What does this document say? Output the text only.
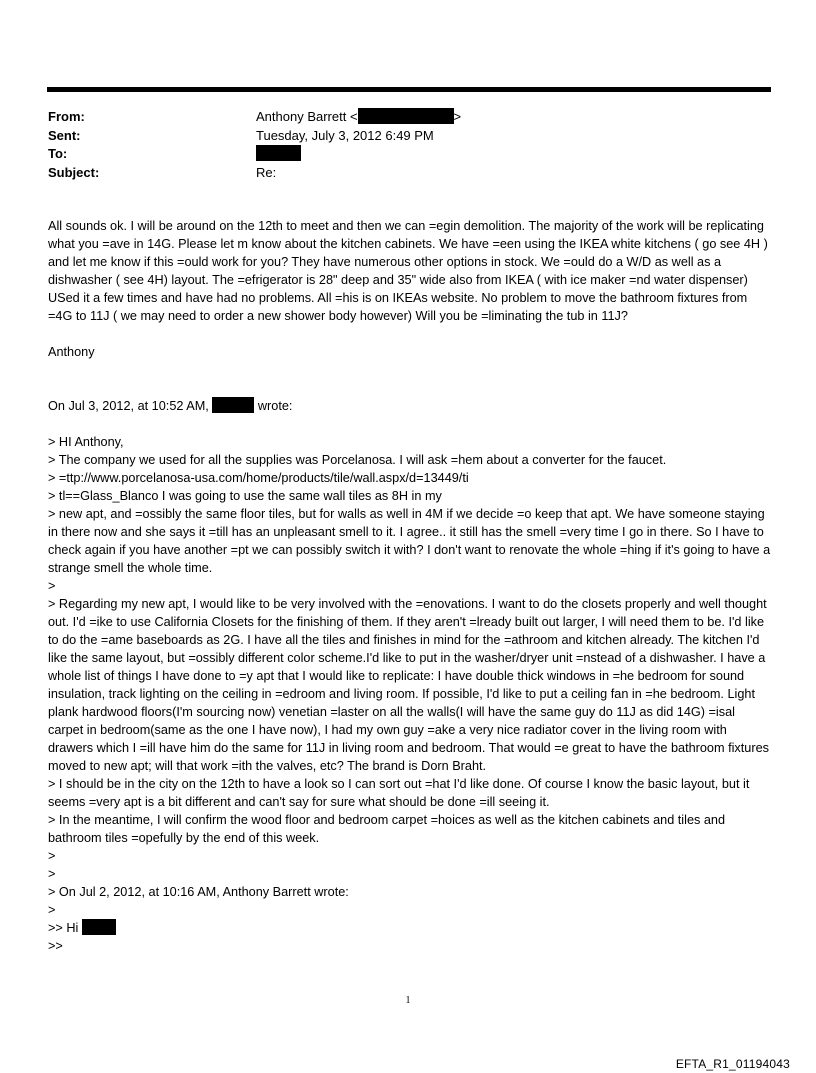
From:	Anthony Barrett <	>
Sent:	Tuesday, July 3, 2012 6:49 PM
To:
Subject:	Re:

All sounds ok. I will be around on the 12th to meet and then we can =egin demolition. The majority of the work will be replicating what you =ave in 14G. Please let m know about the kitchen cabinets. We have =een using the IKEA white kitchens ( go see 4H ) and let me know if this =ould work for you? They have numerous other options in stock. We =ould do a W/D as well as a dishwasher ( see 4H) layout. The =efrigerator is 28" deep and 35" wide also from IKEA ( with ice maker =nd water dispenser) USed it a few times and have had no problems. All =his is on IKEAs website. No problem to move the bathroom fixtures from =4G to 11J ( we may need to order a new shower body however) Will you be =liminating the tub in 11J?

Anthony

On Jul 3, 2012, at 10:52 AM,	wrote:

> HI Anthony,

> The company we used for all the supplies was Porcelanosa. I will ask =hem about a converter for the faucet.

> =ttp://www.porcelanosa-usa.com/home/products/tile/wall.aspx/d=13449/ti

> tl==Glass_Blanco I was going to use the same wall tiles as 8H in my

> new apt, and =ossibly the same floor tiles, but for walls as well in 4M if we decide =o keep that apt. We have someone staying in there now and she says it =till has an unpleasant smell to it. I agree.. it still has the smell =very time I go in there. So I have to check again if you have another =pt we can possibly switch it with? I don't want to renovate the whole =hing if it's going to have a strange smell the whole time.

>

> Regarding my new apt, I would like to be very involved with the =enovations. I want to do the closets properly and well thought out. I'd =ike to use California Closets for the finishing of them. If they aren't =lready built out larger, I will need them to be. I'd like to do the =ame baseboards as 2G. I have all the tiles and finishes in mind for the =athroom and kitchen already. The kitchen I'd like the same layout, but =ossibly different color scheme.I'd like to put in the washer/dryer unit =nstead of a dishwasher. I have a whole list of things I have done to =y apt that I would like to replicate: I have double thick windows in =he bedroom for sound insulation, track lighting on the ceiling in =edroom and living room. If possible, I'd like to put a ceiling fan in =he bedroom. Light plank hardwood floors(I'm sourcing now) venetian =laster on all the walls(I will have the same guy do 11J as did 14G) =isal carpet in bedroom(same as the one I have now), I had my own guy =ake a very nice radiator cover in the living room with drawers which I =ill have him do the same for 11J in living room and bedroom. That would =e great to have the bathroom fixtures moved to new apt; will that work =ith the valves, etc? The brand is Dorn Braht.

> I should be in the city on the 12th to have a look so I can sort out =hat I'd like done. Of course I know the basic layout, but it seems =very apt is a bit different and can't say for sure what should be done =ill seeing it.

> In the meantime, I will confirm the wood floor and bedroom carpet =hoices as well as the kitchen cabinets and tiles and bathroom tiles =opefully by the end of this week.

>

>

> On Jul 2, 2012, at 10:16 AM, Anthony Barrett wrote:

>

>> Hi

>>

1
EFTA_R1_01194043
